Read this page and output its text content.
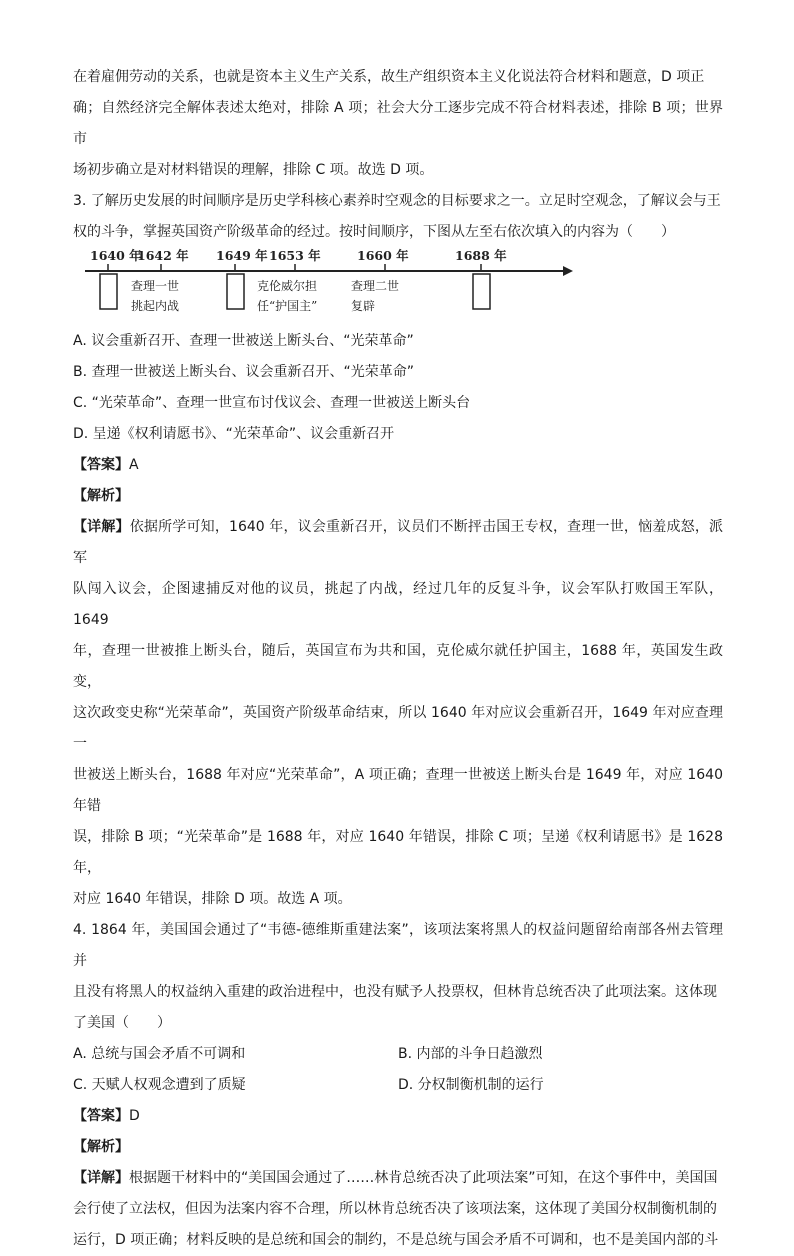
在着雇佣劳动的关系，也就是资本主义生产关系，故生产组织资本主义化说法符合材料和题意，D 项正

确；自然经济完全解体表述太绝对，排除 A 项；社会大分工逐步完成不符合材料表述，排除 B 项；世界市

场初步确立是对材料错误的理解，排除 C 项。故选 D 项。

3. 了解历史发展的时间顺序是历史学科核心素养时空观念的目标要求之一。立足时空观念，了解议会与王

权的斗争，掌握英国资产阶级革命的经过。按时间顺序，下图从左至右依次填入的内容为（　　）

1640 年
1642 年 1649 年 1653 年	1660 年	1688 年
查理一世
挑起内战
克伦威尔担
任“护国主”
查理二世
复辟

A. 议会重新召开、查理一世被送上断头台、“光荣革命”

B. 查理一世被送上断头台、议会重新召开、“光荣革命”

C. “光荣革命”、查理一世宣布讨伐议会、查理一世被送上断头台

D. 呈递《权利请愿书》、“光荣革命”、议会重新召开

【答案】A

【解析】

【详解】依据所学可知，1640 年，议会重新召开，议员们不断抨击国王专权，查理一世，恼羞成怒，派军

队闯入议会，企图逮捕反对他的议员，挑起了内战，经过几年的反复斗争，议会军队打败国王军队，1649

年，查理一世被推上断头台，随后，英国宣布为共和国，克伦威尔就任护国主，1688 年，英国发生政变，

这次政变史称“光荣革命”，英国资产阶级革命结束，所以 1640 年对应议会重新召开，1649 年对应查理一

世被送上断头台，1688 年对应“光荣革命”，A 项正确；查理一世被送上断头台是 1649 年，对应 1640 年错

误，排除 B 项；“光荣革命”是 1688 年，对应 1640 年错误，排除 C 项；呈递《权利请愿书》是 1628 年，

对应 1640 年错误，排除 D 项。故选 A 项。

4. 1864 年，美国国会通过了“韦德-德维斯重建法案”，该项法案将黑人的权益问题留给南部各州去管理并

且没有将黑人的权益纳入重建的政治进程中，也没有赋予人投票权，但林肯总统否决了此项法案。这体现

了美国（　　）

A. 总统与国会矛盾不可调和	B. 内部的斗争日趋激烈
C. 天赋人权观念遭到了质疑	D. 分权制衡机制的运行

【答案】D

【解析】

【详解】根据题干材料中的“美国国会通过了……林肯总统否决了此项法案”可知，在这个事件中，美国国

会行使了立法权，但因为法案内容不合理，所以林肯总统否决了该项法案，这体现了美国分权制衡机制的

运行，D 项正确；材料反映的是总统和国会的制约，不是总统与国会矛盾不可调和，也不是美国内部的斗
